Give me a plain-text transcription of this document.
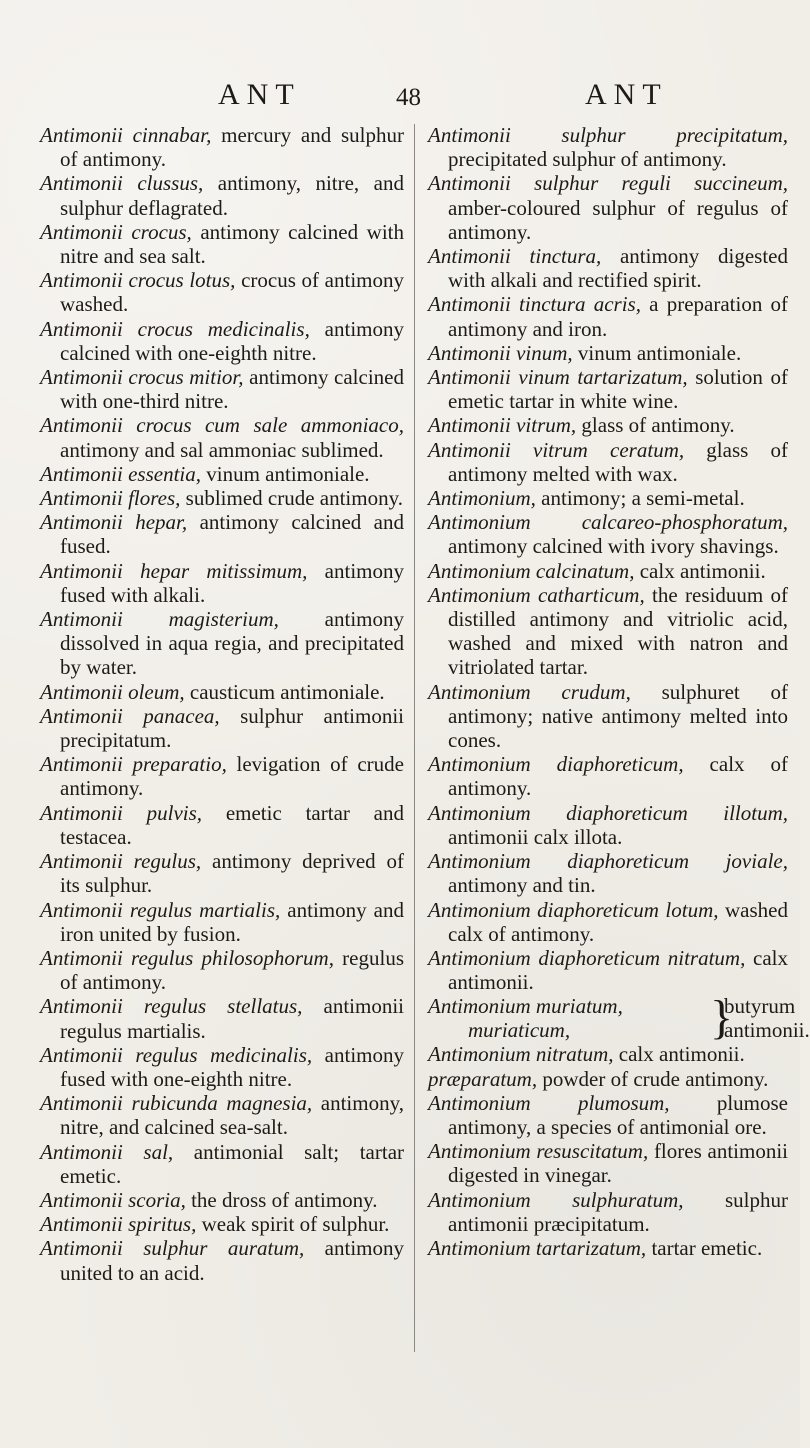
ANT	48	ANT

Antimonii cinnabar, mercury and sulphur of antimony.

Antimonii clussus, antimony, nitre, and sulphur deflagrated.

Antimonii crocus, antimony calcined with nitre and sea salt.

Antimonii crocus lotus, crocus of antimony washed.

Antimonii crocus medicinalis, antimony calcined with one-eighth nitre.

Antimonii crocus mitior, antimony calcined with one-third nitre.

Antimonii crocus cum sale ammoniaco, antimony and sal ammoniac sublimed.

Antimonii essentia, vinum antimoniale.

Antimonii flores, sublimed crude antimony.

Antimonii hepar, antimony calcined and fused.

Antimonii hepar mitissimum, antimony fused with alkali.

Antimonii magisterium, antimony dissolved in aqua regia, and precipitated by water.

Antimonii oleum, causticum antimoniale.

Antimonii panacea, sulphur antimonii precipitatum.

Antimonii preparatio, levigation of crude antimony.

Antimonii pulvis, emetic tartar and testacea.

Antimonii regulus, antimony deprived of its sulphur.

Antimonii regulus martialis, antimony and iron united by fusion.

Antimonii regulus philosophorum, regulus of antimony.

Antimonii regulus stellatus, antimonii regulus martialis.

Antimonii regulus medicinalis, antimony fused with one-eighth nitre.

Antimonii rubicunda magnesia, antimony, nitre, and calcined sea-salt.

Antimonii sal, antimonial salt; tartar emetic.

Antimonii scoria, the dross of antimony.

Antimonii spiritus, weak spirit of sulphur.

Antimonii sulphur auratum, antimony united to an acid.

Antimonii sulphur precipitatum, precipitated sulphur of antimony.

Antimonii sulphur reguli succineum, amber-coloured sulphur of regulus of antimony.

Antimonii tinctura, antimony digested with alkali and rectified spirit.

Antimonii tinctura acris, a preparation of antimony and iron.

Antimonii vinum, vinum antimoniale.

Antimonii vinum tartarizatum, solution of emetic tartar in white wine.

Antimonii vitrum, glass of antimony.

Antimonii vitrum ceratum, glass of antimony melted with wax.

Antimonium, antimony; a semi-metal.

Antimonium calcareo-phosphoratum, antimony calcined with ivory shavings.

Antimonium calcinatum, calx antimonii.

Antimonium catharticum, the residuum of distilled antimony and vitriolic acid, washed and mixed with natron and vitriolated tartar.

Antimonium crudum, sulphuret of antimony; native antimony melted into cones.

Antimonium diaphoreticum, calx of antimony.

Antimonium diaphoreticum illotum, antimonii calx illota.

Antimonium diaphoreticum joviale, antimony and tin.

Antimonium diaphoreticum lotum, washed calx of antimony.

Antimonium diaphoreticum nitratum, calx antimonii.

Antimonium muriatum,
muriaticum,	}
butyrum
antimonii.

Antimonium nitratum, calx antimonii.

præparatum, powder of crude antimony.

Antimonium plumosum, plumose antimony, a species of antimonial ore.

Antimonium resuscitatum, flores antimonii digested in vinegar.

Antimonium sulphuratum, sulphur antimonii præcipitatum.

Antimonium tartarizatum, tartar emetic.
